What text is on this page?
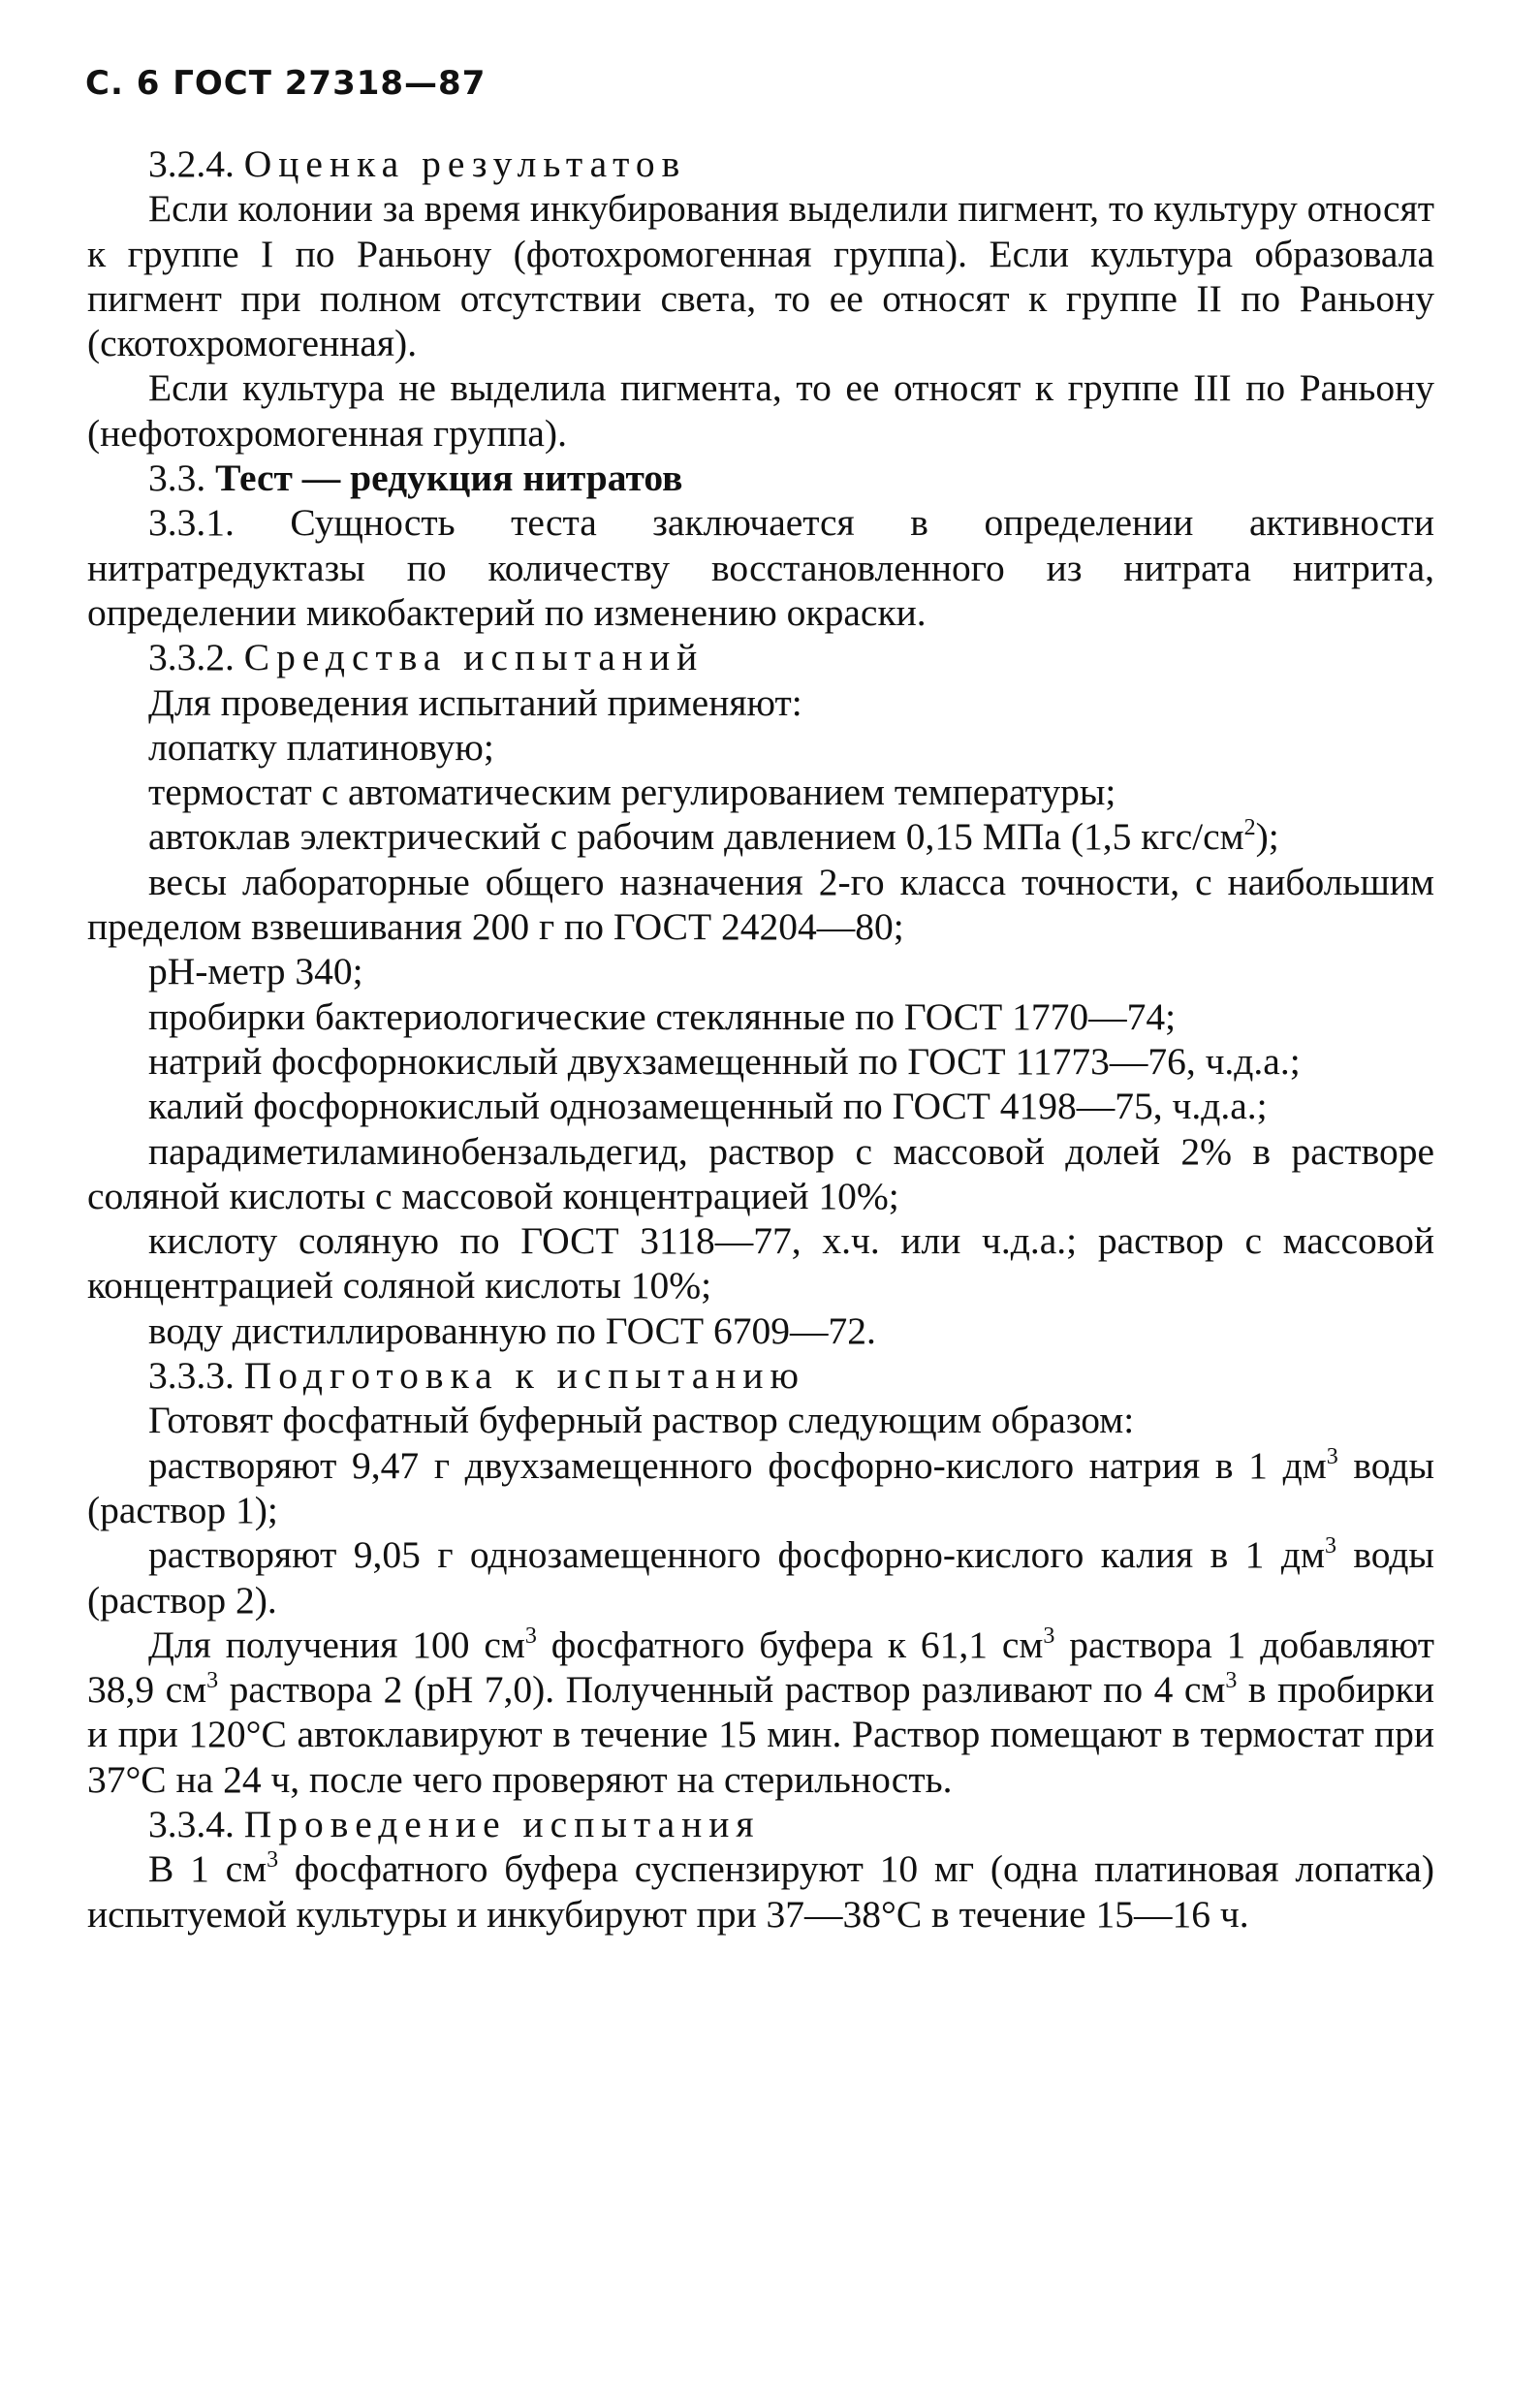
С. 6 ГОСТ 27318—87

3.2.4. Оценка результатов

Если колонии за время инкубирования выделили пигмент, то культуру относят к группе I по Раньону (фотохромогенная группа). Если культура образовала пигмент при полном отсутствии света, то ее относят к группе II по Раньону (скотохромогенная).

Если культура не выделила пигмента, то ее относят к группе III по Раньону (нефотохромогенная группа).

3.3. Тест — редукция нитратов

3.3.1. Сущность теста заключается в определении активности нитратредуктазы по количеству восстановленного из нитрата нитрита, определении микобактерий по изменению окраски.

3.3.2. Средства испытаний

Для проведения испытаний применяют:

лопатку платиновую;

термостат с автоматическим регулированием температуры;

автоклав электрический с рабочим давлением 0,15 МПа (1,5 кгс/$см^2$);

весы лабораторные общего назначения 2-го класса точности, с наибольшим пределом взвешивания 200 г по ГОСТ 24204—80;

рН-метр 340;

пробирки бактериологические стеклянные по ГОСТ 1770—74;

натрий фосфорнокислый двухзамещенный по ГОСТ 11773—76, ч.д.а.;

калий фосфорнокислый однозамещенный по ГОСТ 4198—75, ч.д.а.;

парадиметиламинобензальдегид, раствор с массовой долей 2% в растворе соляной кислоты с массовой концентрацией 10%;

кислоту соляную по ГОСТ 3118—77, х.ч. или ч.д.а.; раствор с массовой концентрацией соляной кислоты 10%;

воду дистиллированную по ГОСТ 6709—72.

3.3.3. Подготовка к испытанию

Готовят фосфатный буферный раствор следующим образом:

растворяют 9,47 г двухзамещенного фосфорно-кислого натрия в 1 $дм^3$ воды (раствор 1);

растворяют 9,05 г однозамещенного фосфорно-кислого калия в 1 $дм^3$ воды (раствор 2).

Для получения 100 $см^3$ фосфатного буфера к 61,1 $см^3$ раствора 1 добавляют 38,9 $см^3$ раствора 2 (рН 7,0). Полученный раствор разливают по 4 $см^3$ в пробирки и при 120°С автоклавируют в течение 15 мин. Раствор помещают в термостат при 37°С на 24 ч, после чего проверяют на стерильность.

3.3.4. Проведение испытания

В 1 $см^3$ фосфатного буфера суспензируют 10 мг (одна платиновая лопатка) испытуемой культуры и инкубируют при 37—38°С в течение 15—16 ч.
